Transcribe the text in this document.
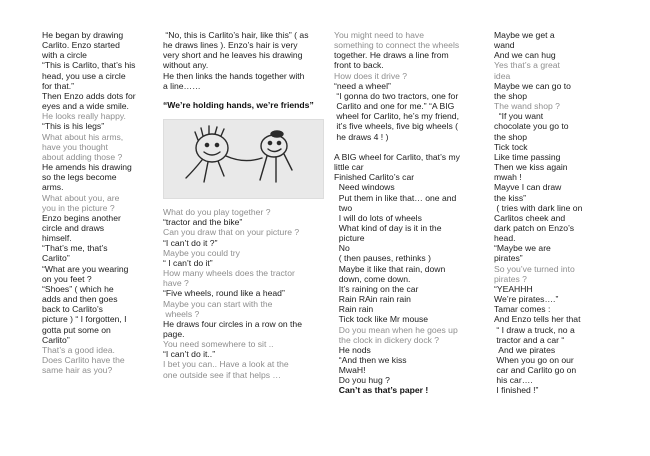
He began by drawing
Carlito. Enzo started
with a circle
“This is Carlito, that’s his
head, you use a circle
for that.”
Then Enzo adds dots for
eyes and a wide smile.
He looks really happy.
“This is his legs”
What about his arms,
have you thought
about adding those ?
He amends his drawing
so the legs become
arms.
What about you, are
you in the picture ?
Enzo begins another
circle and draws
himself.
“That’s me, that’s
Carlito”
“What are you wearing
on you feet ?
“Shoes” ( which he
adds and then goes
back to Carlito’s
picture ) “ I forgotten, I
gotta put some on
Carlito”
That’s a good idea.
Does Carlito have the
same hair as you?
“No, this is Carlito’s hair, like this” ( as
he draws lines ). Enzo’s hair is very
very short and he leaves his drawing
without any.
He then links the hands together with
a line……
“We’re holding hands, we’re friends”
What do you play together ?
“tractor and the bike”
Can you draw that on your picture ?
“I can’t do it ?”
Maybe you could try
“ I can’t do it”
How many wheels does the tractor
have ?
“Five wheels, round like a head”
Maybe you can start with the
wheels ?
He draws four circles in a row on the
page.
You need somewhere to sit ..
“I can’t do it..”
I bet you can.. Have a look at the
one outside see if that helps …
You might need to have
something to connect the wheels
together. He draws a line from
front to back.
How does it drive ?
“need a wheel”
“I gonna do two tractors, one for
Carlito and one for me.” “A BIG
wheel for Carlito, he’s my friend,
it’s five wheels, five big wheels (
he draws 4 ! )

A BIG wheel for Carlito, that’s my
little car
Finished Carlito’s car
Need windows
Put them in like that… one and
two
I will do lots of wheels
What kind of day is it in the
picture
No
( then pauses, rethinks )
Maybe it like that rain, down
down, come down.
It’s raining on the car
Rain RAin rain rain
Rain rain
Tick tock like Mr mouse
Do you mean when he goes up
the clock in dickery dock ?
He nods
“And then we kiss
MwaH!
Do you hug ?
Can’t as that’s paper !
Maybe we get a
wand
And we can hug
Yes that’s a great
idea
Maybe we can go to
the shop
The wand shop ?
“If you want
chocolate you go to
the shop
Tick tock
Like time passing
Then we kiss again
mwah !
Mayve I can draw
the kiss”
( tries with dark line on
Carlitos cheek and
dark patch on Enzo’s
head.
“Maybe we are
pirates”
So you’ve turned into
pirates ?
“YEAHHH
We’re pirates….”
Tamar comes :
And Enzo tells her that
“ I draw a truck, no a
tractor and a car “
And we pirates
When you go on our
car and Carlito go on
his car….
I finished !”
